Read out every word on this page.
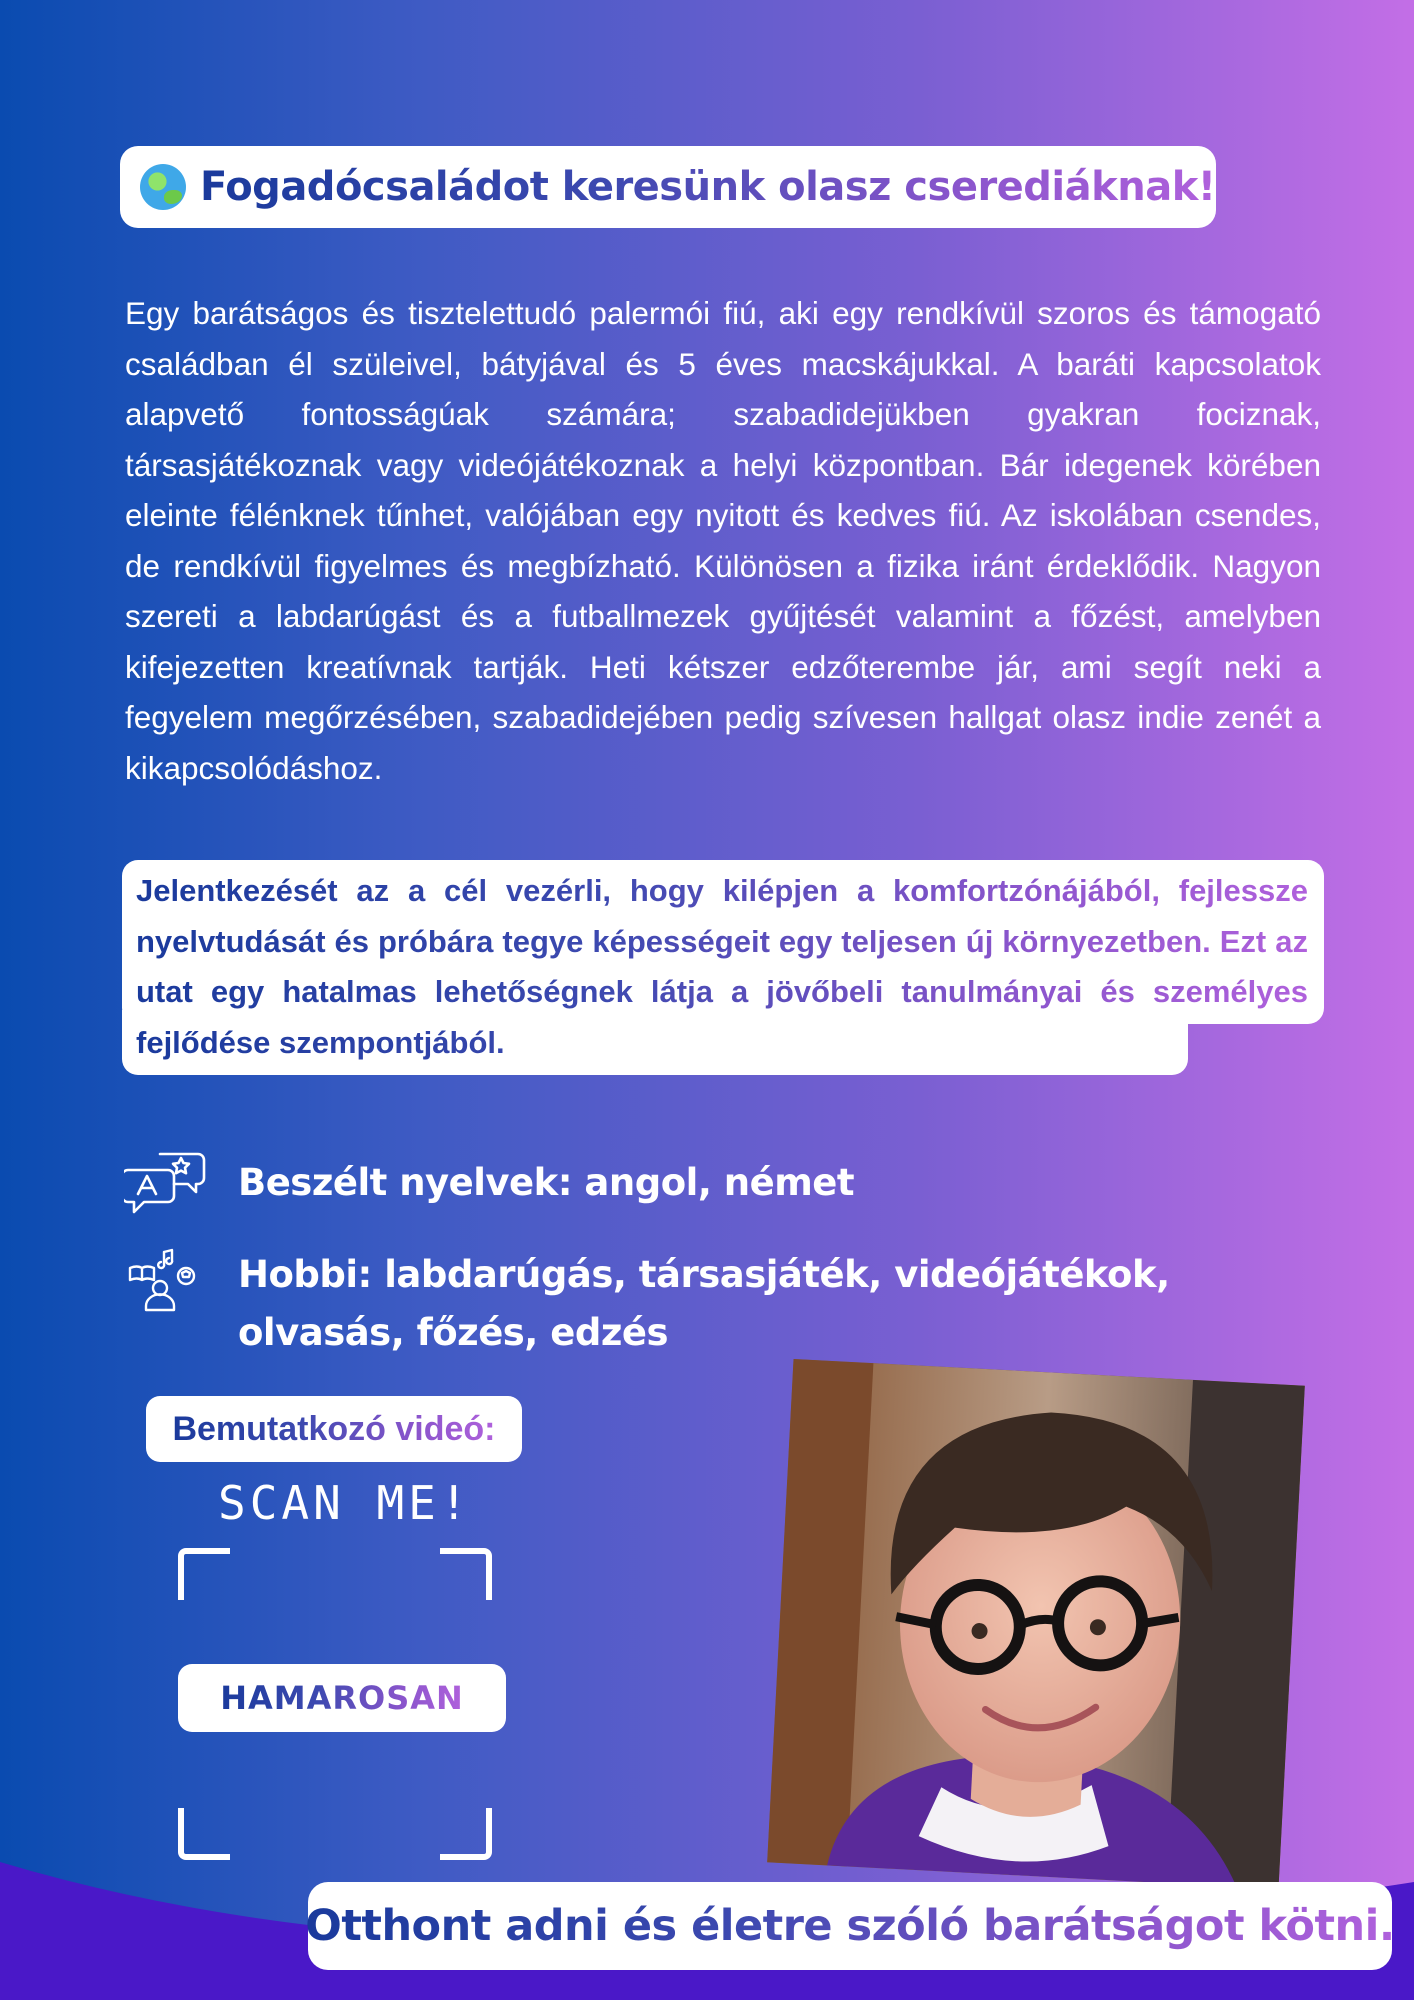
Fogadócsaládot keresünk olasz cserediáknak!
Egy barátságos és tisztelettudó palermói fiú, aki egy rendkívül szoros és támogató családban él szüleivel, bátyjával és 5 éves macskájukkal. A baráti kapcsolatok alapvető fontosságúak számára; szabadidejükben gyakran fociznak, társasjátékoznak vagy videójátékoznak a helyi központban. Bár idegenek körében eleinte félénknek tűnhet, valójában egy nyitott és kedves fiú. Az iskolában csendes, de rendkívül figyelmes és megbízható. Különösen a fizika iránt érdeklődik. Nagyon szereti a labdarúgást és a futballmezek gyűjtését valamint a főzést, amelyben kifejezetten kreatívnak tartják. Heti kétszer edzőterembe jár, ami segít neki a fegyelem megőrzésében, szabadidejében pedig szívesen hallgat olasz indie zenét a kikapcsolódáshoz.
Jelentkezését az a cél vezérli, hogy kilépjen a komfortzónájából, fejlessze nyelvtudását és próbára tegye képességeit egy teljesen új környezetben. Ezt az utat egy hatalmas lehetőségnek látja a jövőbeli tanulmányai és személyes fejlődése szempontjából.
Beszélt nyelvek: angol, német
Hobbi: labdarúgás, társasjáték, videójátékok, olvasás, főzés, edzés
Bemutatkozó videó:
SCAN ME!
HAMAROSAN
Otthont adni és életre szóló barátságot kötni.
